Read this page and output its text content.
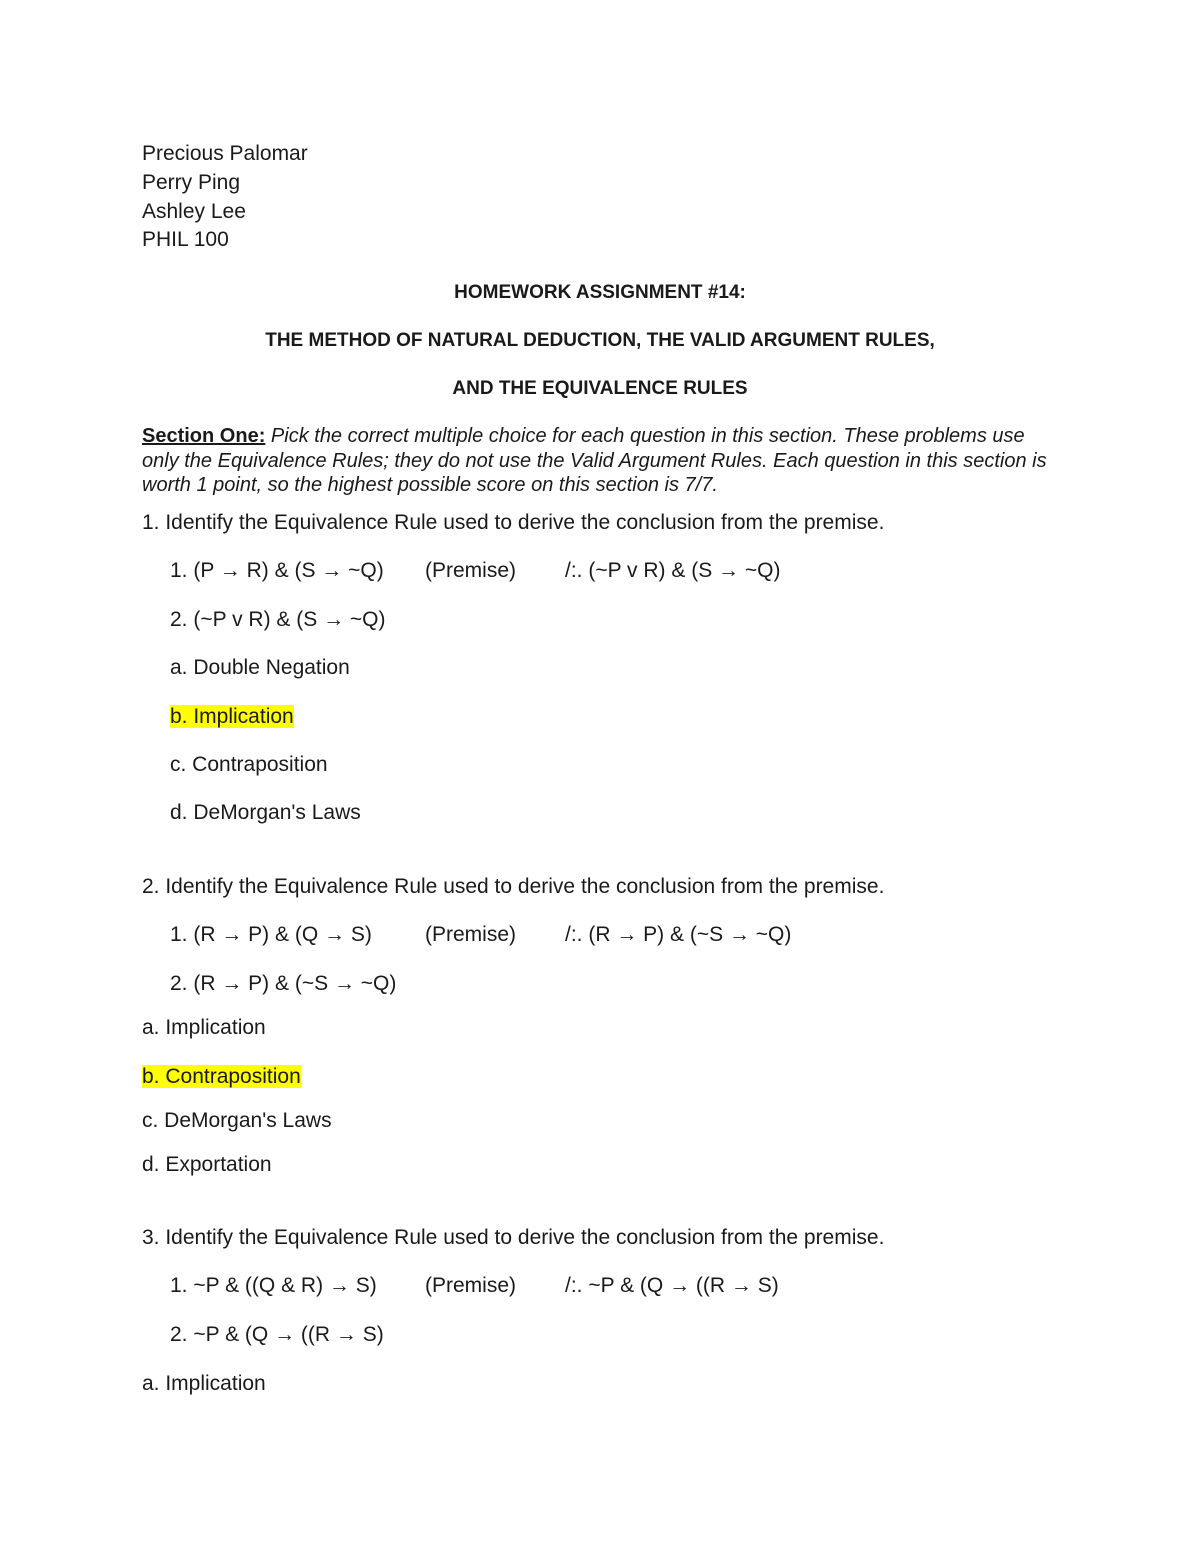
Precious Palomar
Perry Ping
Ashley Lee
PHIL 100
HOMEWORK ASSIGNMENT #14:
THE METHOD OF NATURAL DEDUCTION, THE VALID ARGUMENT RULES,
AND THE EQUIVALENCE RULES
Section One: Pick the correct multiple choice for each question in this section. These problems use only the Equivalence Rules; they do not use the Valid Argument Rules. Each question in this section is worth 1 point, so the highest possible score on this section is 7/7.
1. Identify the Equivalence Rule used to derive the conclusion from the premise.
1. (P → R) & (S → ~Q) (Premise) /:. (~P v R) & (S → ~Q)
2. (~P v R) & (S → ~Q)
a. Double Negation
b. Implication
c. Contraposition
d. DeMorgan's Laws
2. Identify the Equivalence Rule used to derive the conclusion from the premise.
1. (R → P) & (Q → S)	(Premise) /:. (R → P) & (~S → ~Q)
2. (R → P) & (~S → ~Q)
a. Implication
b. Contraposition
c. DeMorgan's Laws
d. Exportation
3. Identify the Equivalence Rule used to derive the conclusion from the premise.
1. ~P & ((Q & R) → S) (Premise) /:. ~P & (Q → ((R → S)
2. ~P & (Q → ((R → S)
a. Implication
